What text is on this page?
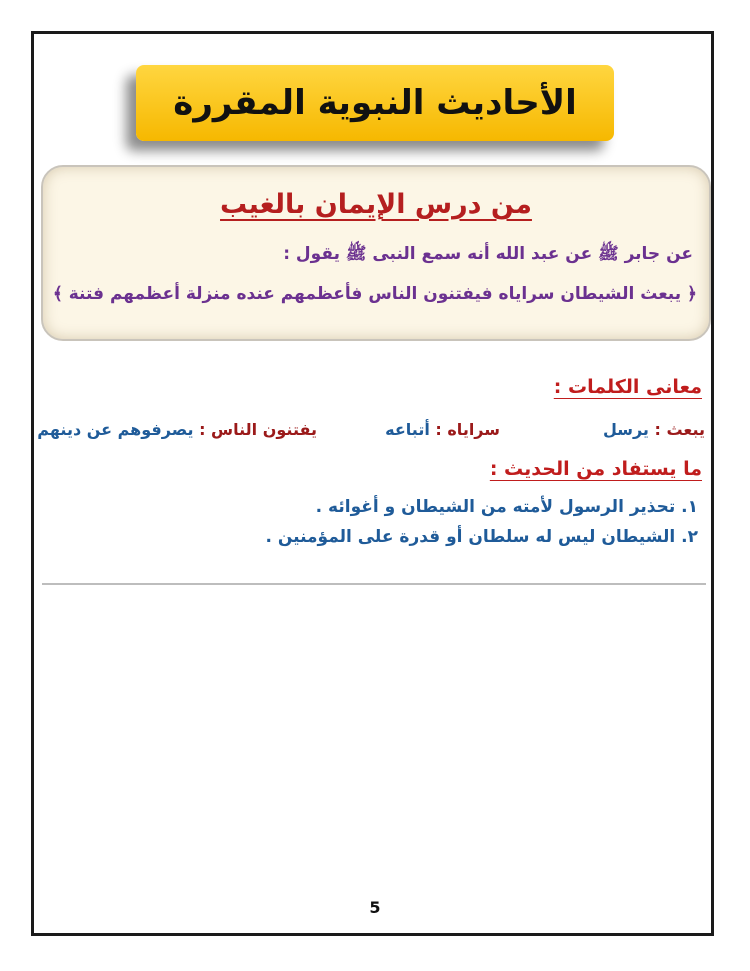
الأحاديث النبوية المقررة
من درس الإيمان بالغيب
عن جابر ﷺ عن عبد الله أنه سمع النبى ﷺ يقول :
﴿ يبعث الشيطان سراياه فيفتنون الناس فأعظمهم عنده منزلة أعظمهم فتنة ﴾
معانى الكلمات :
يبعث : يرسل
سراياه : أتباعه
يفتنون الناس : يصرفوهم عن دينهم
ما يستفاد من الحديث :
١. تحذير الرسول لأمته من الشيطان و أغوائه .
٢. الشيطان ليس له سلطان أو قدرة على المؤمنين .
5
